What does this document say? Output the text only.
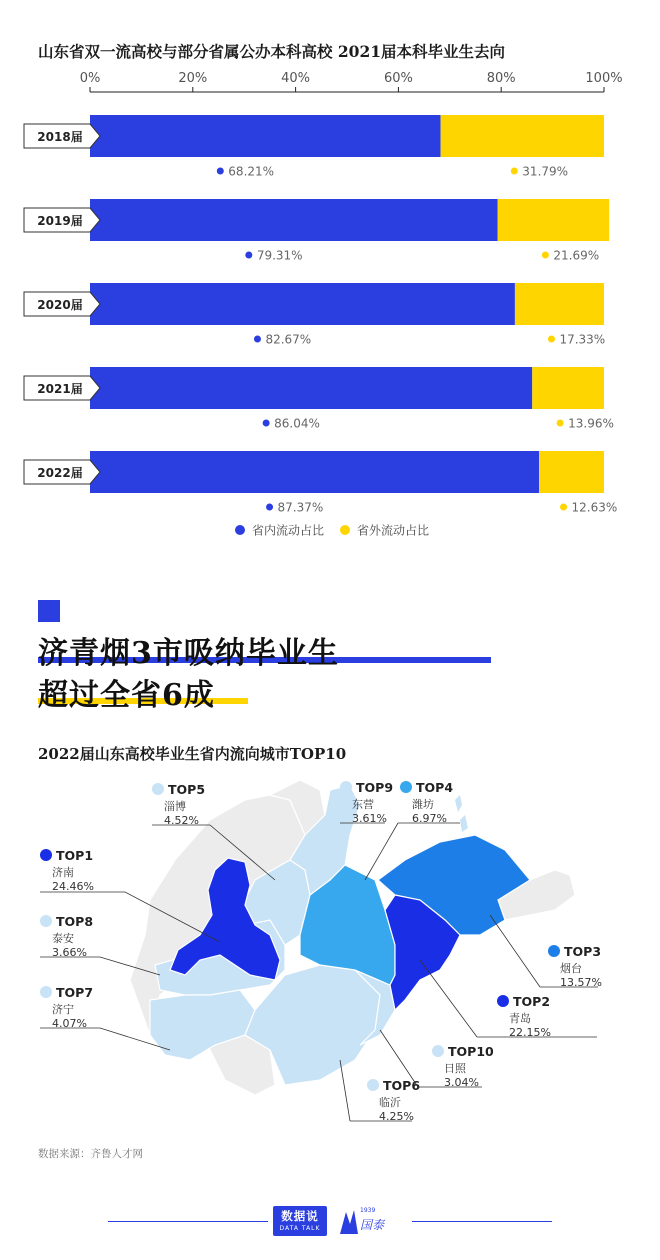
山东省双一流高校与部分省属公办本科高校 2021届本科毕业生去向
0%	20%	40%	60%	80%	100%
68.21%	31.79%
2018届
79.31%	21.69%
2019届
82.67%	17.33%
2020届
86.04%	13.96%
2021届
87.37%	12.63%
2022届
省内流动占比	省外流动占比
济青烟3市吸纳毕业生
超过全省6成
2022届山东高校毕业生省内流向城市TOP10
TOP1
济南
24.46%
TOP2
青岛
22.15%
TOP3
烟台
13.57%
TOP4
潍坊
6.97%
TOP5
淄博
4.52%
TOP6
临沂
4.25%
TOP7
济宁
4.07%
TOP8
泰安
3.66%
TOP9
东营
3.61%
TOP10
日照
3.04%
数据来源：齐鲁人才网
数据说
DATA TALK
1939
国泰
